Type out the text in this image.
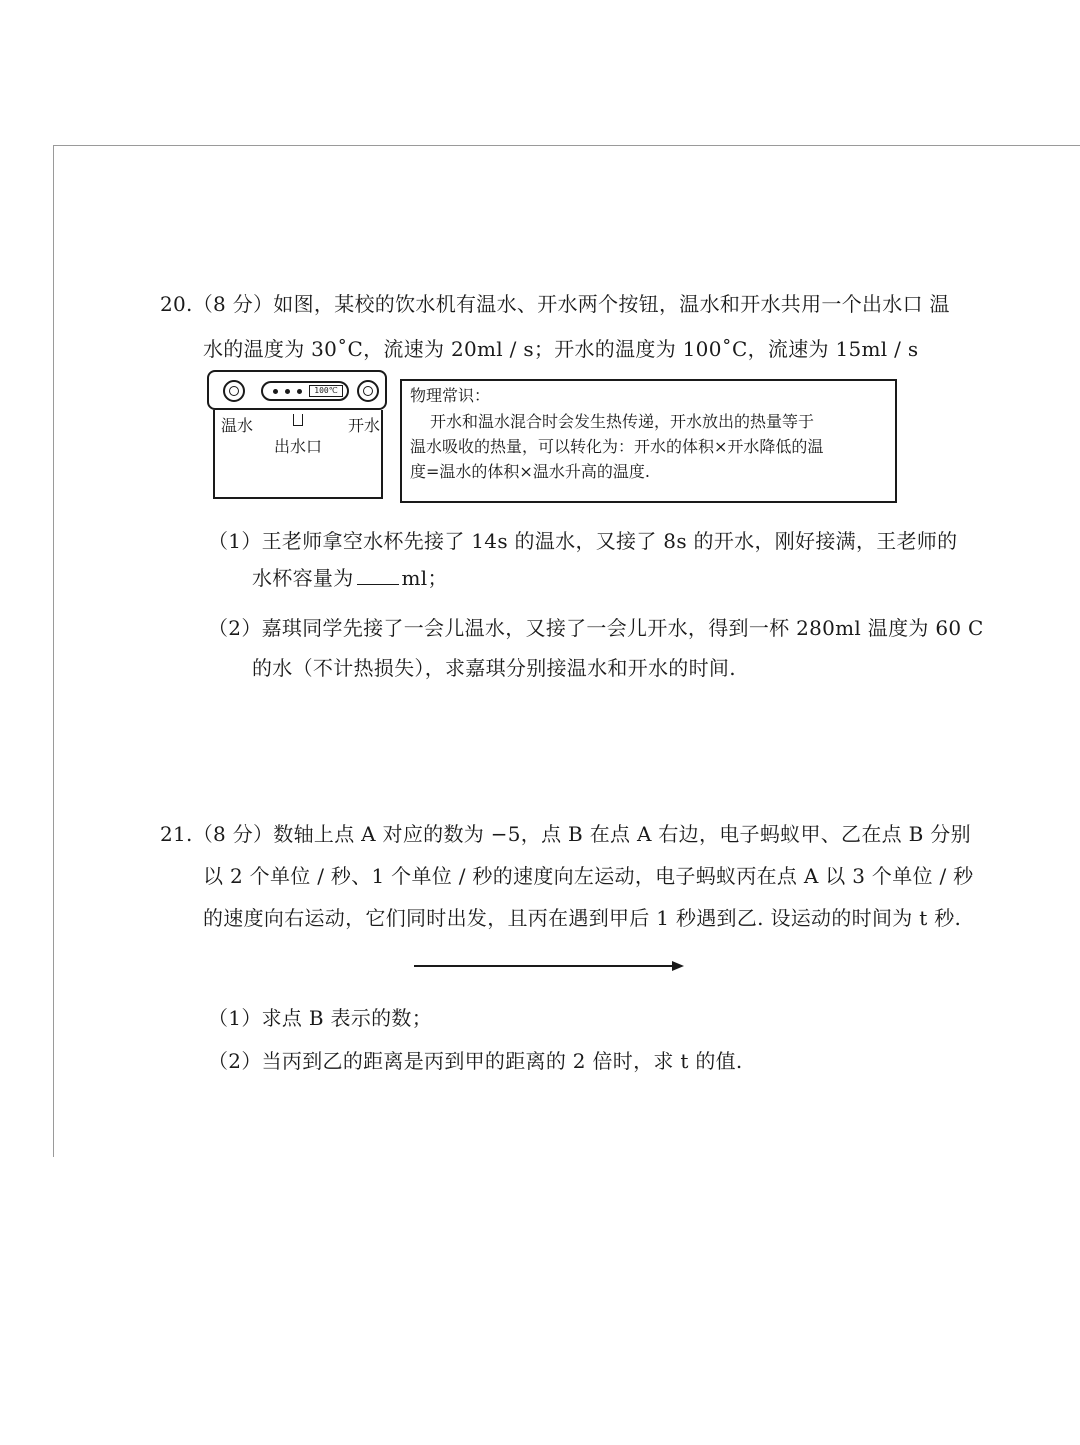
20.（8 分）如图，某校的饮水机有温水、开水两个按钮，温水和开水共用一个出水口 温
水的温度为 30˚C，流速为 20ml / s；开水的温度为 100˚C，流速为 15ml / s
100℃
温水
出水口
开水
物理常识：
开水和温水混合时会发生热传递，开水放出的热量等于
温水吸收的热量，可以转化为：开水的体积×开水降低的温
度=温水的体积×温水升高的温度.
（1）王老师拿空水杯先接了 14s 的温水，又接了 8s 的开水，刚好接满，王老师的
水杯容量为 ml；
（2）嘉琪同学先接了一会儿温水，又接了一会儿开水，得到一杯 280ml 温度为 60 C
的水（不计热损失），求嘉琪分别接温水和开水的时间.
21.（8 分）数轴上点 A 对应的数为 −5，点 B 在点 A 右边，电子蚂蚁甲、乙在点 B 分别
以 2 个单位 / 秒、1 个单位 / 秒的速度向左运动，电子蚂蚁丙在点 A 以 3 个单位 / 秒
的速度向右运动，它们同时出发，且丙在遇到甲后 1 秒遇到乙. 设运动的时间为 t 秒.
（1）求点 B 表示的数；
（2）当丙到乙的距离是丙到甲的距离的 2 倍时，求 t 的值.
